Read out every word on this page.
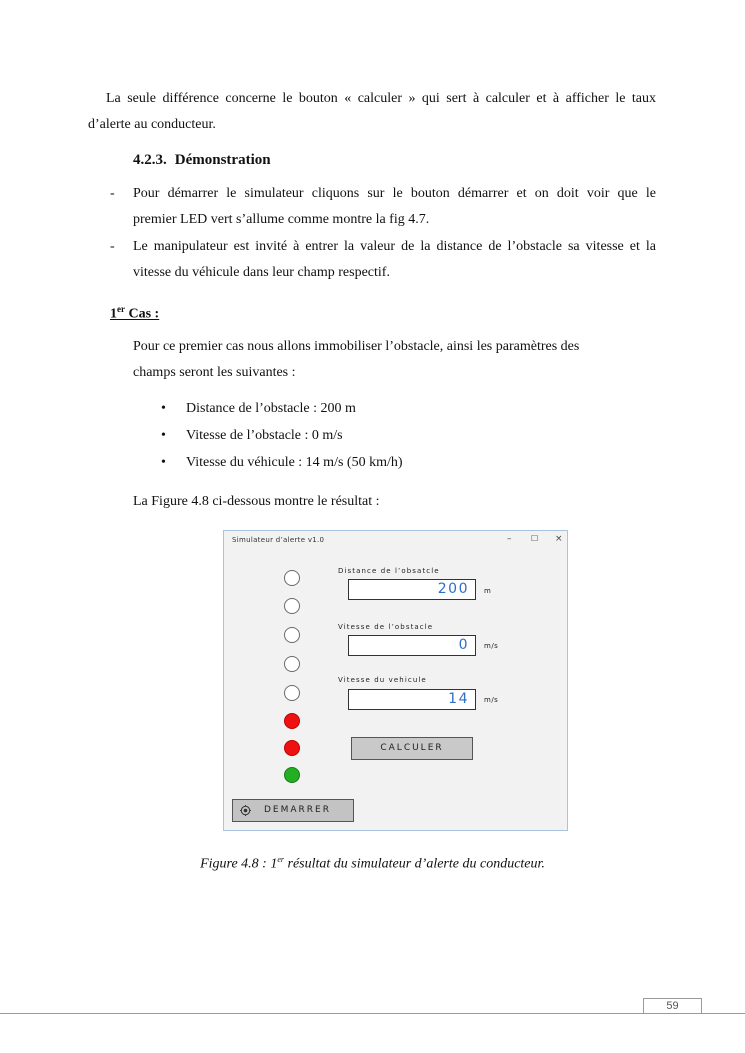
La seule différence concerne le bouton « calculer » qui sert à calculer et à afficher le taux

d’alerte au conducteur.

4.2.3. Démonstration
- Pour démarrer le simulateur cliquons sur le bouton démarrer et on doit voir que le

premier LED vert s’allume comme montre la fig 4.7.

- Le manipulateur est invité à entrer la valeur de la distance de l’obstacle sa vitesse et la

vitesse du véhicule dans leur champ respectif.

1er Cas :

Pour ce premier cas nous allons immobiliser l’obstacle, ainsi les paramètres des

champs seront les suivantes :

• Distance de l’obstacle : 200 m
• Vitesse de l’obstacle : 0 m/s
• Vitesse du véhicule : 14 m/s (50 km/h)

La Figure 4.8 ci-dessous montre le résultat :

Simulateur d’alerte v1.0	– ☐ ×
Distance de l’obsatcle
200	m
Vitesse de l’obstacle
0	m/s
Vitesse du vehicule
14	m/s
CALCULER
DEMARRER
Figure 4.8 : 1er résultat du simulateur d’alerte du conducteur.
59
